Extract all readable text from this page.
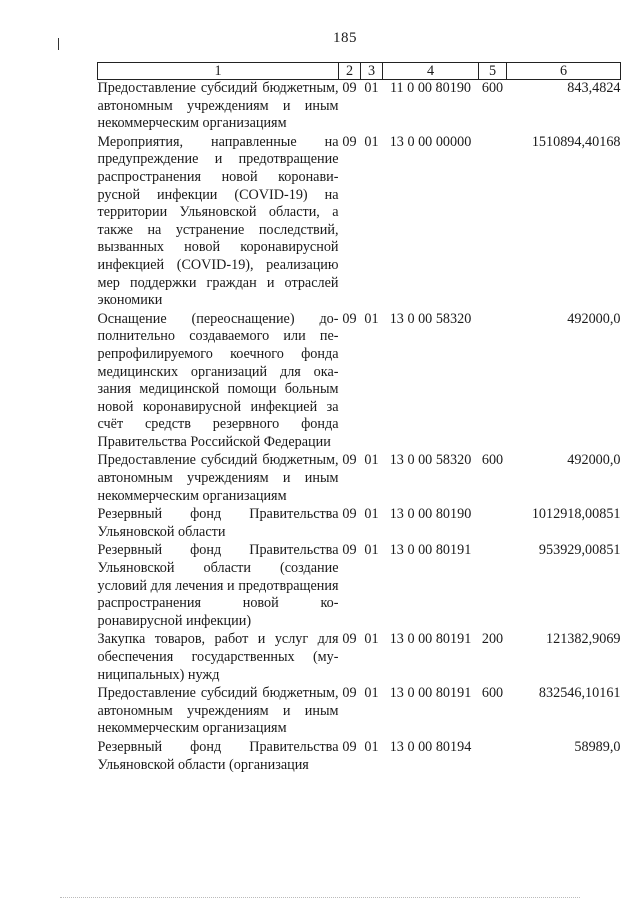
185
1	2	3	4	5	6
Предоставление субсидий бюджетным, автономным учреждениям и иным некоммерческим организациям	09	01	11 0 00 80190	600	843,4824
Мероприятия, направленные на предупреждение и предотвращение распространения новой коронавирусной инфекции (COVID-19) на территории Ульяновской области, а также на устранение последствий, вызванных новой коронавирусной инфекцией (COVID-19), реализацию мер поддержки граждан и отраслей экономики	09	01	13 0 00 00000		1510894,40168
Оснащение (переоснащение) дополнительно создаваемого или перепрофилируемого коечного фонда медицинских организаций для оказания медицинской помощи больным новой коронавирусной инфекцией за счёт средств резервного фонда Правительства Российской Федерации	09	01	13 0 00 58320		492000,0
Предоставление субсидий бюджетным, автономным учреждениям и иным некоммерческим организациям	09	01	13 0 00 58320	600	492000,0
Резервный фонд Правительства Ульяновской области	09	01	13 0 00 80190		1012918,00851
Резервный фонд Правительства Ульяновской области (создание условий для лечения и предотвращения распространения новой коронавирусной инфекции)	09	01	13 0 00 80191		953929,00851
Закупка товаров, работ и услуг для обеспечения государственных (муниципальных) нужд	09	01	13 0 00 80191	200	121382,9069
Предоставление субсидий бюджетным, автономным учреждениям и иным некоммерческим организациям	09	01	13 0 00 80191	600	832546,10161
Резервный фонд Правительства Ульяновской области (организация	09	01	13 0 00 80194		58989,0
